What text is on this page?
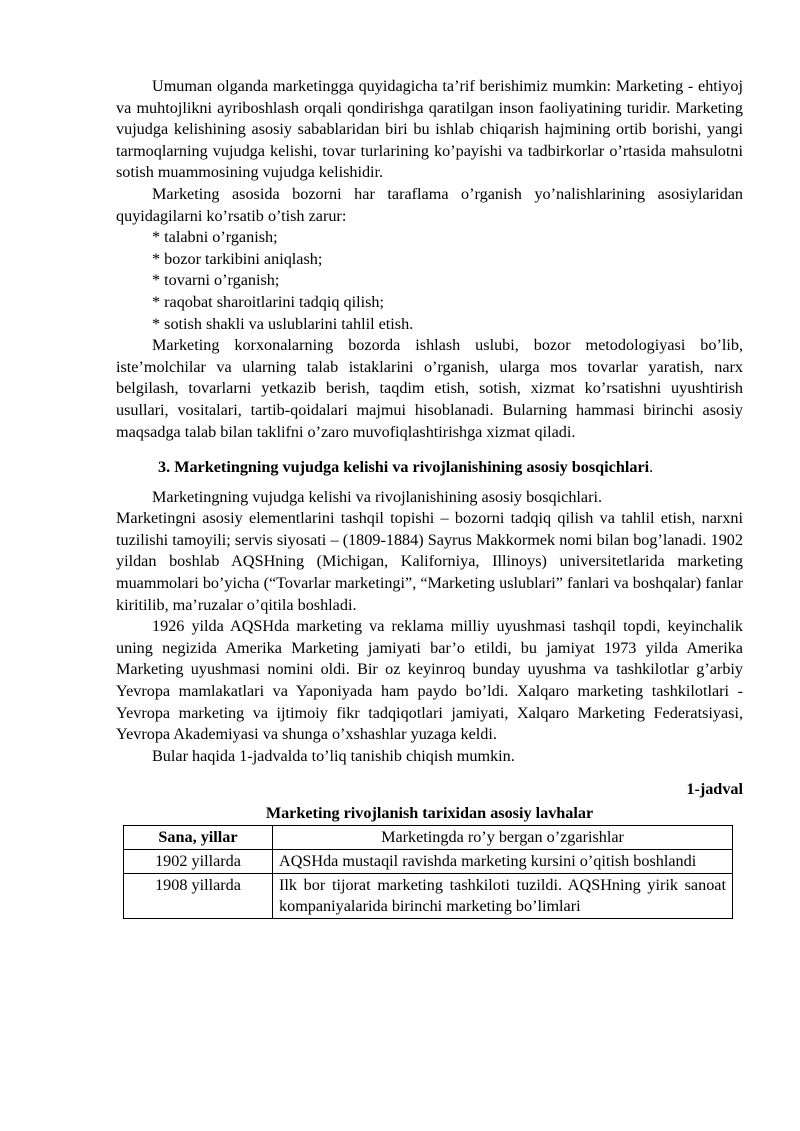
Umuman olganda marketingga quyidagicha ta’rif berishimiz mumkin: Marketing - ehtiyoj va muhtojlikni ayriboshlash orqali qondirishga qaratilgan inson faoliyatining turidir. Marketing vujudga kelishining asosiy sabablaridan biri bu ishlab chiqarish hajmining ortib borishi, yangi tarmoqlarning vujudga kelishi, tovar turlarining ko’payishi va tadbirkorlar o’rtasida mahsulotni sotish muammosining vujudga kelishidir.

Marketing asosida bozorni har taraflama o’rganish yo’nalishlarining asosiylaridan quyidagilarni ko’rsatib o’tish zarur:

* talabni o’rganish;

* bozor tarkibini aniqlash;

* tovarni o’rganish;

* raqobat sharoitlarini tadqiq qilish;

* sotish shakli va uslublarini tahlil etish.

Marketing korxonalarning bozorda ishlash uslubi, bozor metodologiyasi bo’lib, iste’molchilar va ularning talab istaklarini o’rganish, ularga mos tovarlar yaratish, narx belgilash, tovarlarni yetkazib berish, taqdim etish, sotish, xizmat ko’rsatishni uyushtirish usullari, vositalari, tartib-qoidalari majmui hisoblanadi. Bularning hammasi birinchi asosiy maqsadga talab bilan taklifni o’zaro muvofiqlashtirishga xizmat qiladi.

3. Marketingning vujudga kelishi va rivojlanishining asosiy bosqichlari.

Marketingning vujudga kelishi va rivojlanishining asosiy bosqichlari.

Marketingni asosiy elementlarini tashqil topishi – bozorni tadqiq qilish va tahlil etish, narxni tuzilishi tamoyili; servis siyosati – (1809-1884) Sayrus Makkormek nomi bilan bog’lanadi. 1902 yildan boshlab AQSHning (Michigan, Kaliforniya, Illinoys) universitetlarida marketing muammolari bo’yicha (“Tovarlar marketingi”, “Marketing uslublari” fanlari va boshqalar) fanlar kiritilib, ma’ruzalar o’qitila boshladi.

1926 yilda AQSHda marketing va reklama milliy uyushmasi tashqil topdi, keyinchalik uning negizida Amerika Marketing jamiyati bar’o etildi, bu jamiyat 1973 yilda Amerika Marketing uyushmasi nomini oldi. Bir oz keyinroq bunday uyushma va tashkilotlar g’arbiy Yevropa mamlakatlari va Yaponiyada ham paydo bo’ldi. Xalqaro marketing tashkilotlari - Yevropa marketing va ijtimoiy fikr tadqiqotlari jamiyati, Xalqaro Marketing Federatsiyasi, Yevropa Akademiyasi va shunga o’xshashlar yuzaga keldi.

Bular haqida 1-jadvalda to’liq tanishib chiqish mumkin.

1-jadval

Marketing rivojlanish tarixidan asosiy lavhalar

Sana, yillar	Marketingda ro’y bergan o’zgarishlar
1902 yillarda	AQSHda mustaqil ravishda marketing kursini o’qitish boshlandi
1908 yillarda	Ilk bor tijorat marketing tashkiloti tuzildi. AQSHning yirik sanoat kompaniyalarida birinchi marketing bo’limlari
